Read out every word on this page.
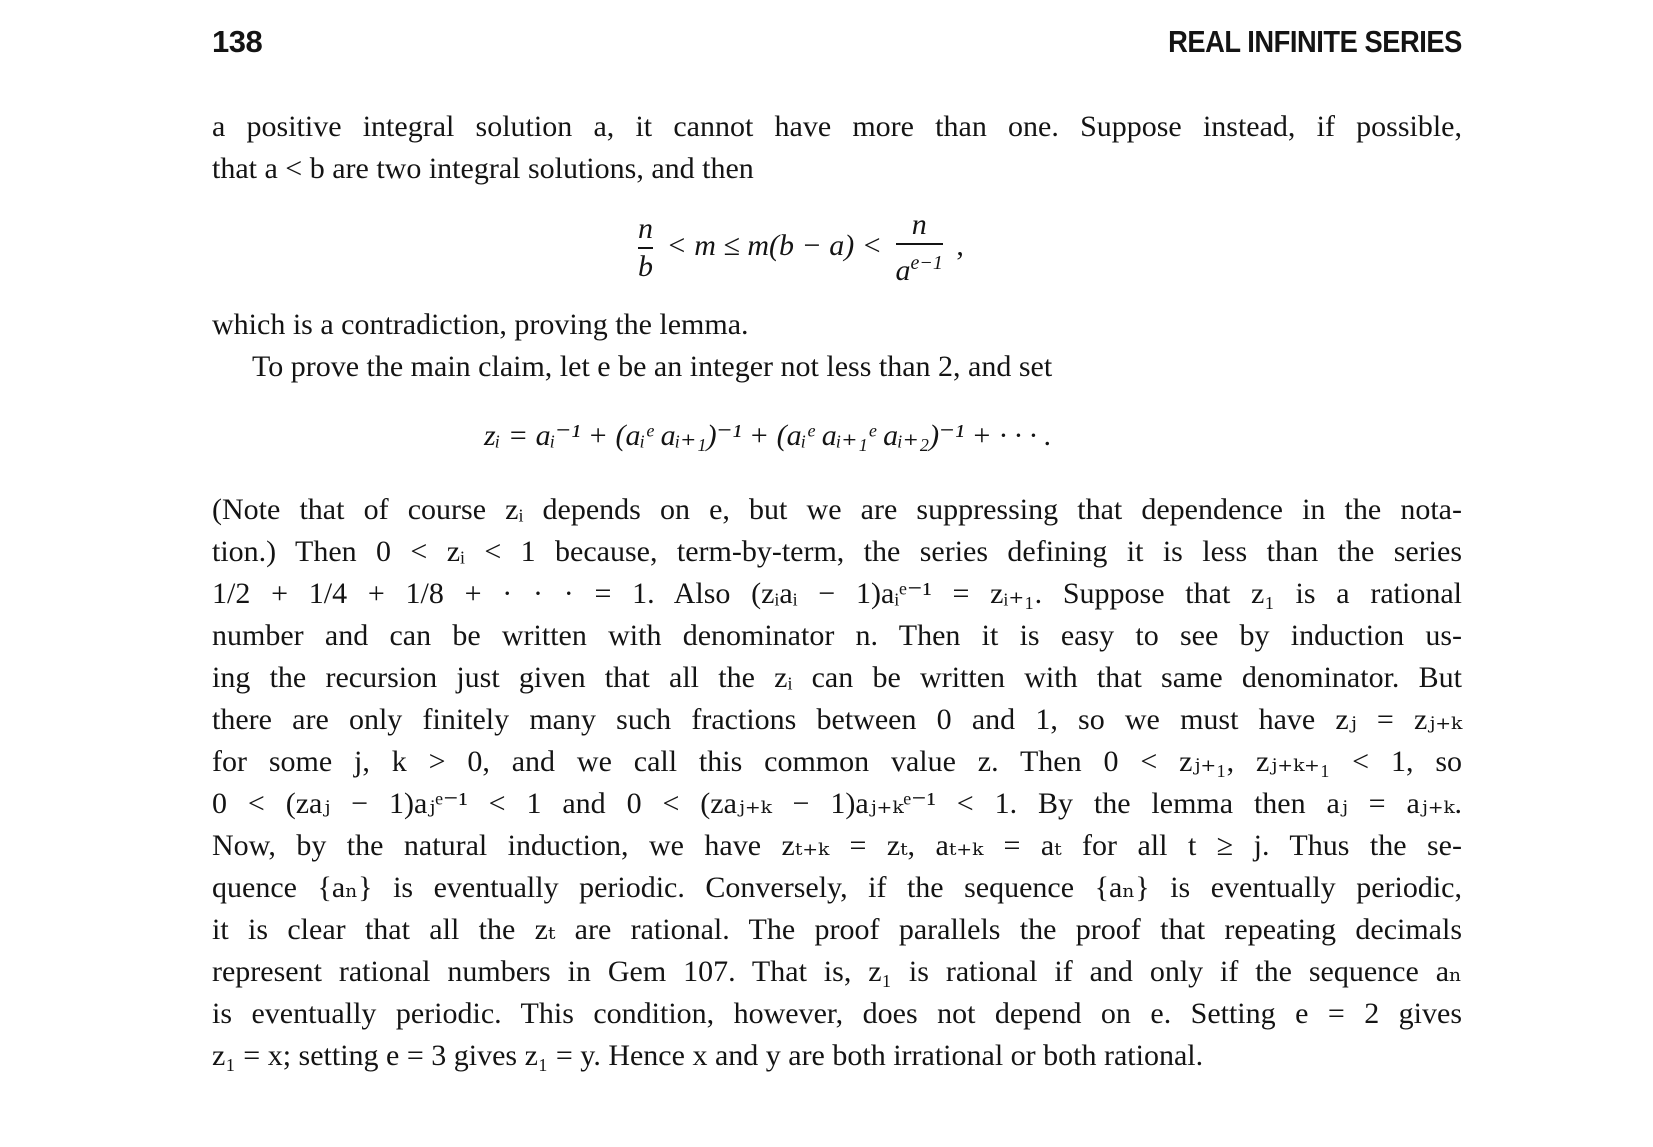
138	REAL INFINITE SERIES
a positive integral solution a, it cannot have more than one. Suppose instead, if possible,
that a < b are two integral solutions, and then
$\frac{n}{b} < m \le m(b - a) < \frac{n}{a^{e-1}}$ ,
which is a contradiction, proving the lemma.
To prove the main claim, let e be an integer not less than 2, and set
zᵢ = aᵢ⁻¹ + (aᵢᵉ aᵢ₊₁)⁻¹ + (aᵢᵉ aᵢ₊₁ᵉ aᵢ₊₂)⁻¹ + · · · .
(Note that of course zᵢ depends on e, but we are suppressing that dependence in the nota-
tion.) Then 0 < zᵢ < 1 because, term-by-term, the series defining it is less than the series
1/2 + 1/4 + 1/8 + · · · = 1. Also (zᵢaᵢ − 1)aᵢᵉ⁻¹ = zᵢ₊₁. Suppose that z₁ is a rational
number and can be written with denominator n. Then it is easy to see by induction us-
ing the recursion just given that all the zᵢ can be written with that same denominator. But
there are only finitely many such fractions between 0 and 1, so we must have zⱼ = zⱼ₊ₖ
for some j, k > 0, and we call this common value z. Then 0 < zⱼ₊₁, zⱼ₊ₖ₊₁ < 1, so
0 < (zaⱼ − 1)aⱼᵉ⁻¹ < 1 and 0 < (zaⱼ₊ₖ − 1)aⱼ₊ₖᵉ⁻¹ < 1. By the lemma then aⱼ = aⱼ₊ₖ.
Now, by the natural induction, we have zₜ₊ₖ = zₜ, aₜ₊ₖ = aₜ for all t ≥ j. Thus the se-
quence {aₙ} is eventually periodic. Conversely, if the sequence {aₙ} is eventually periodic,
it is clear that all the zₜ are rational. The proof parallels the proof that repeating decimals
represent rational numbers in Gem 107. That is, z₁ is rational if and only if the sequence aₙ
is eventually periodic. This condition, however, does not depend on e. Setting e = 2 gives
z₁ = x; setting e = 3 gives z₁ = y. Hence x and y are both irrational or both rational.
